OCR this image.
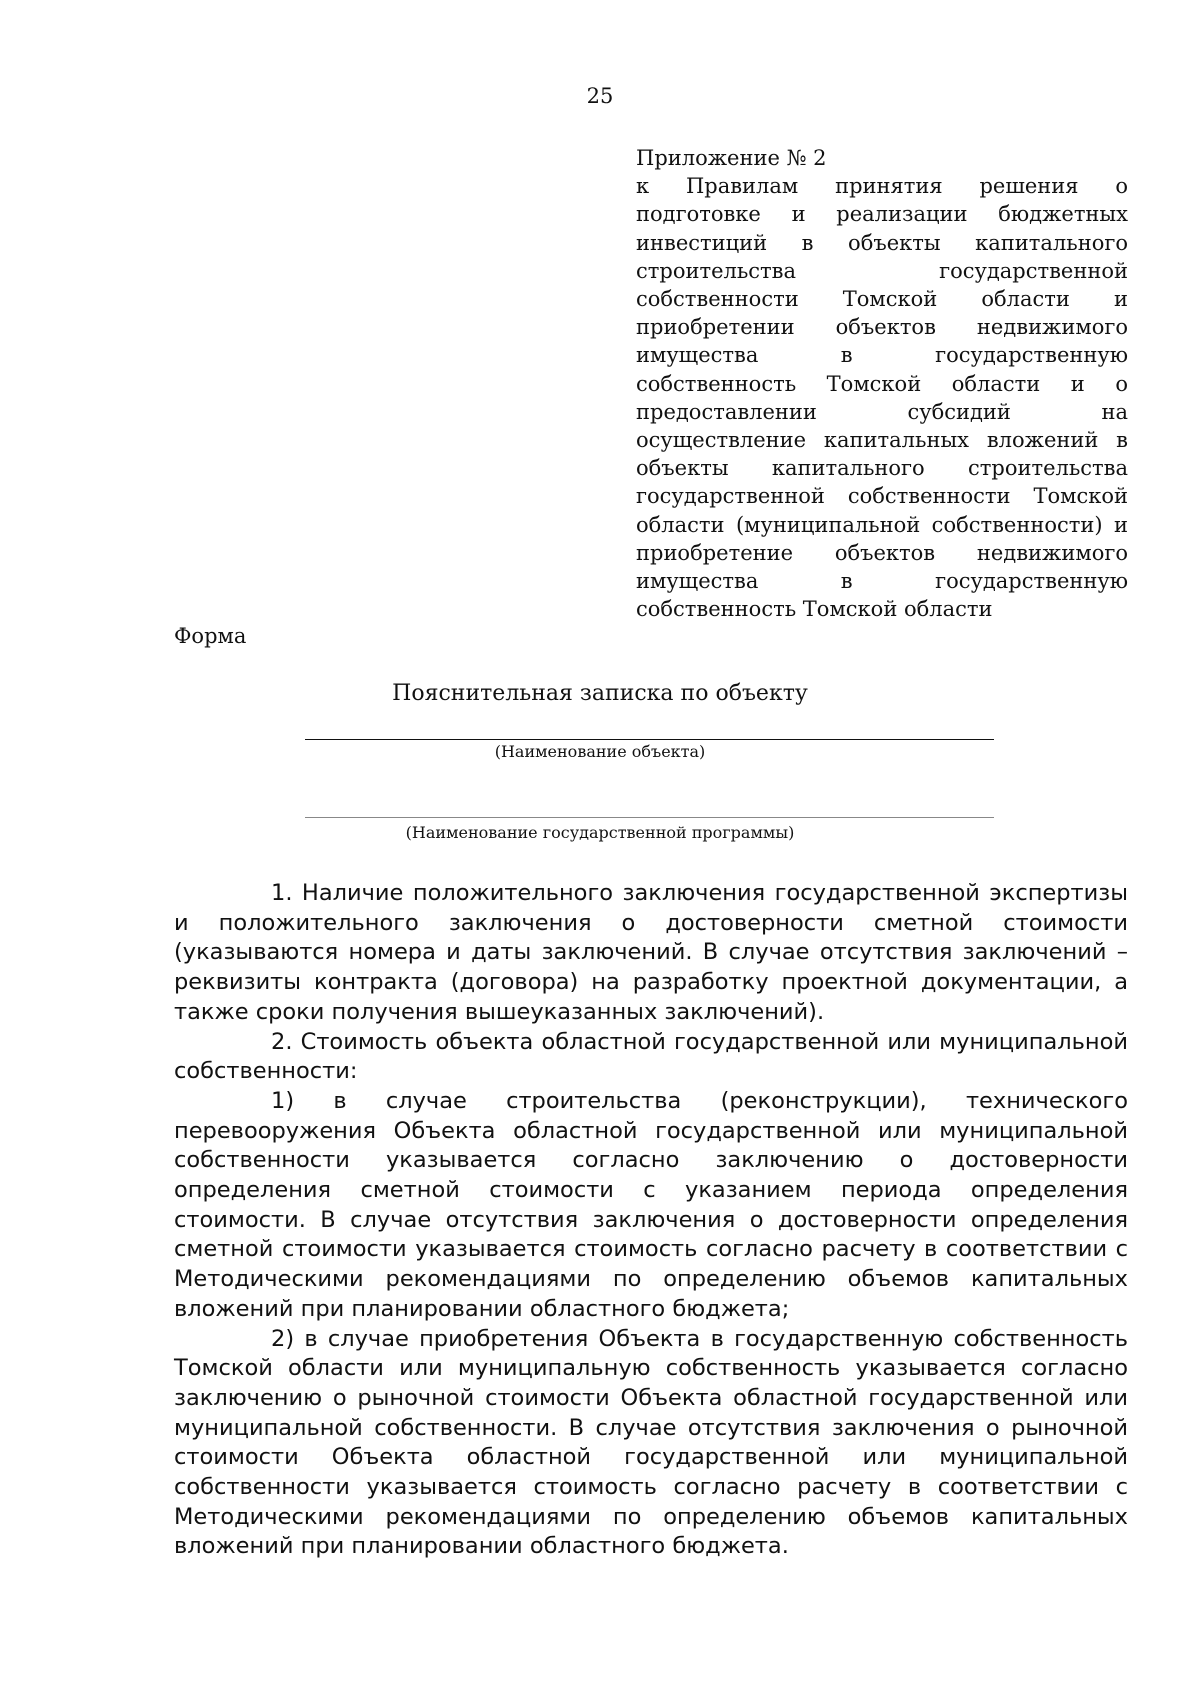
25
Приложение № 2
к Правилам принятия решения о подготовке и реализации бюджетных инвестиций в объекты капитального строительства государственной собственности Томской области и приобретении объектов недвижимого имущества в государственную собственность Томской области и о предоставлении субсидий на осуществление капитальных вложений в объекты капитального строительства государственной собственности Томской области (муниципальной собственности) и приобретение объектов недвижимого имущества в государственную собственность Томской области
Форма
Пояснительная записка по объекту
(Наименование объекта)
(Наименование государственной программы)

1. Наличие положительного заключения государственной экспертизы и положительного заключения о достоверности сметной стоимости (указываются номера и даты заключений. В случае отсутствия заключений – реквизиты контракта (договора) на разработку проектной документации, а также сроки получения вышеуказанных заключений).

2. Стоимость объекта областной государственной или муниципальной собственности:

1) в случае строительства (реконструкции), технического перевооружения Объекта областной государственной или муниципальной собственности указывается согласно заключению о достоверности определения сметной стоимости с указанием периода определения стоимости. В случае отсутствия заключения о достоверности определения сметной стоимости указывается стоимость согласно расчету в соответствии с Методическими рекомендациями по определению объемов капитальных вложений при планировании областного бюджета;

2) в случае приобретения Объекта в государственную собственность Томской области или муниципальную собственность указывается согласно заключению о рыночной стоимости Объекта областной государственной или муниципальной собственности. В случае отсутствия заключения о рыночной стоимости Объекта областной государственной или муниципальной собственности указывается стоимость согласно расчету в соответствии с Методическими рекомендациями по определению объемов капитальных вложений при планировании областного бюджета.
